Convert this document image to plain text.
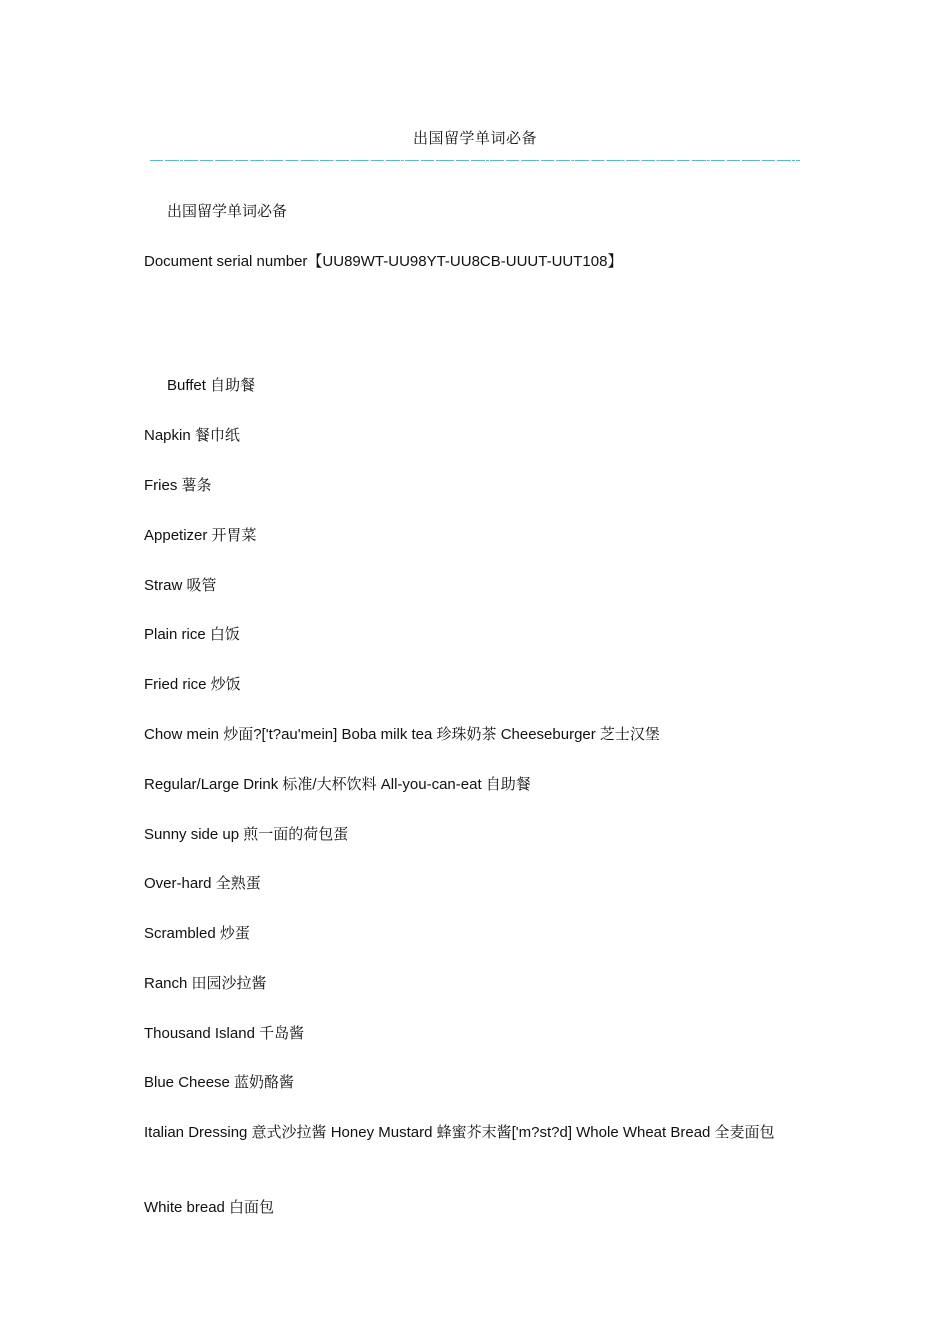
出国留学单词必备
出国留学单词必备
Document serial number【UU89WT-UU98YT-UU8CB-UUUT-UUT108】
Buffet 自助餐
Napkin 餐巾纸
Fries 薯条
Appetizer 开胃菜
Straw 吸管
Plain rice 白饭
Fried rice 炒饭
Chow mein 炒面?['t?au'mein] Boba milk tea 珍珠奶茶 Cheeseburger 芝士汉堡
Regular/Large Drink 标准/大杯饮料 All-you-can-eat 自助餐
Sunny side up 煎一面的荷包蛋
Over-hard 全熟蛋
Scrambled 炒蛋
Ranch 田园沙拉酱
Thousand Island 千岛酱
Blue Cheese 蓝奶酪酱
Italian Dressing 意式沙拉酱 Honey Mustard 蜂蜜芥末酱['m?st?d] Whole Wheat Bread 全麦面包
White bread 白面包
